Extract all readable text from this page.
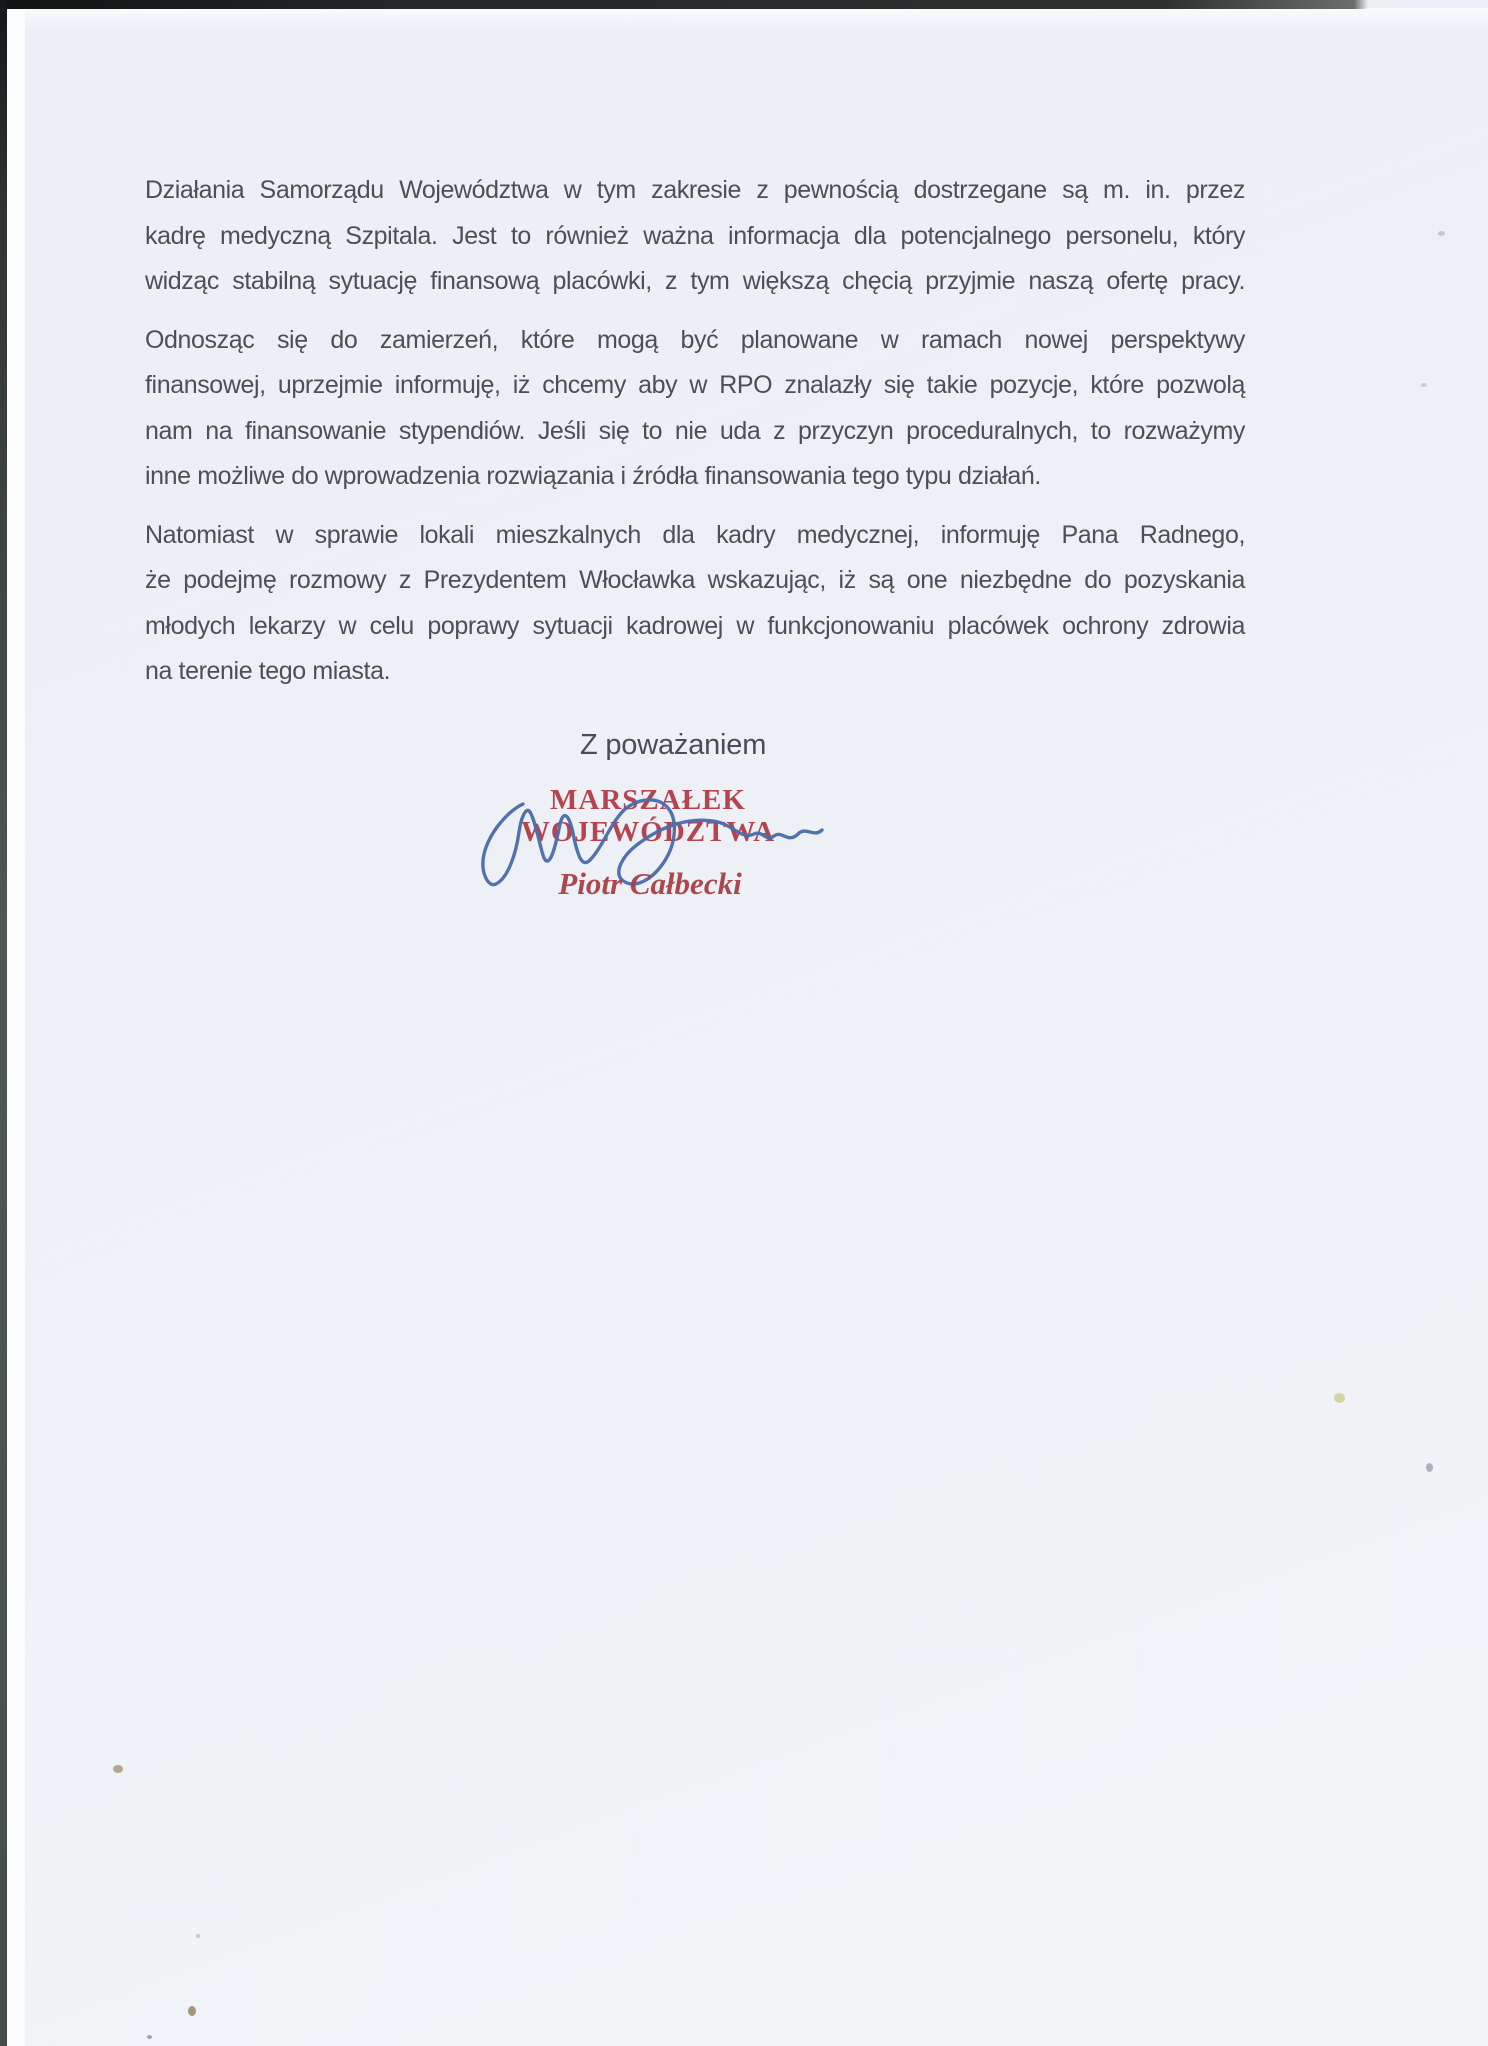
Działania Samorządu Województwa w tym zakresie z pewnością dostrzegane są m. in. przez
kadrę medyczną Szpitala. Jest to również ważna informacja dla potencjalnego personelu, który
widząc stabilną sytuację finansową placówki, z tym większą chęcią przyjmie naszą ofertę pracy.

Odnosząc się do zamierzeń, które mogą być planowane w ramach nowej perspektywy
finansowej, uprzejmie informuję, iż chcemy aby w RPO znalazły się takie pozycje, które pozwolą
nam na finansowanie stypendiów. Jeśli się to nie uda z przyczyn proceduralnych, to rozważymy
inne możliwe do wprowadzenia rozwiązania i źródła finansowania tego typu działań.

Natomiast w sprawie lokali mieszkalnych dla kadry medycznej, informuję Pana Radnego,
że podejmę rozmowy z Prezydentem Włocławka wskazując, iż są one niezbędne do pozyskania
młodych lekarzy w celu poprawy sytuacji kadrowej w funkcjonowaniu placówek ochrony zdrowia
na terenie tego miasta.

Z poważaniem
MARSZAŁEK WOJEWÓDZTWA
Piotr Całbecki
